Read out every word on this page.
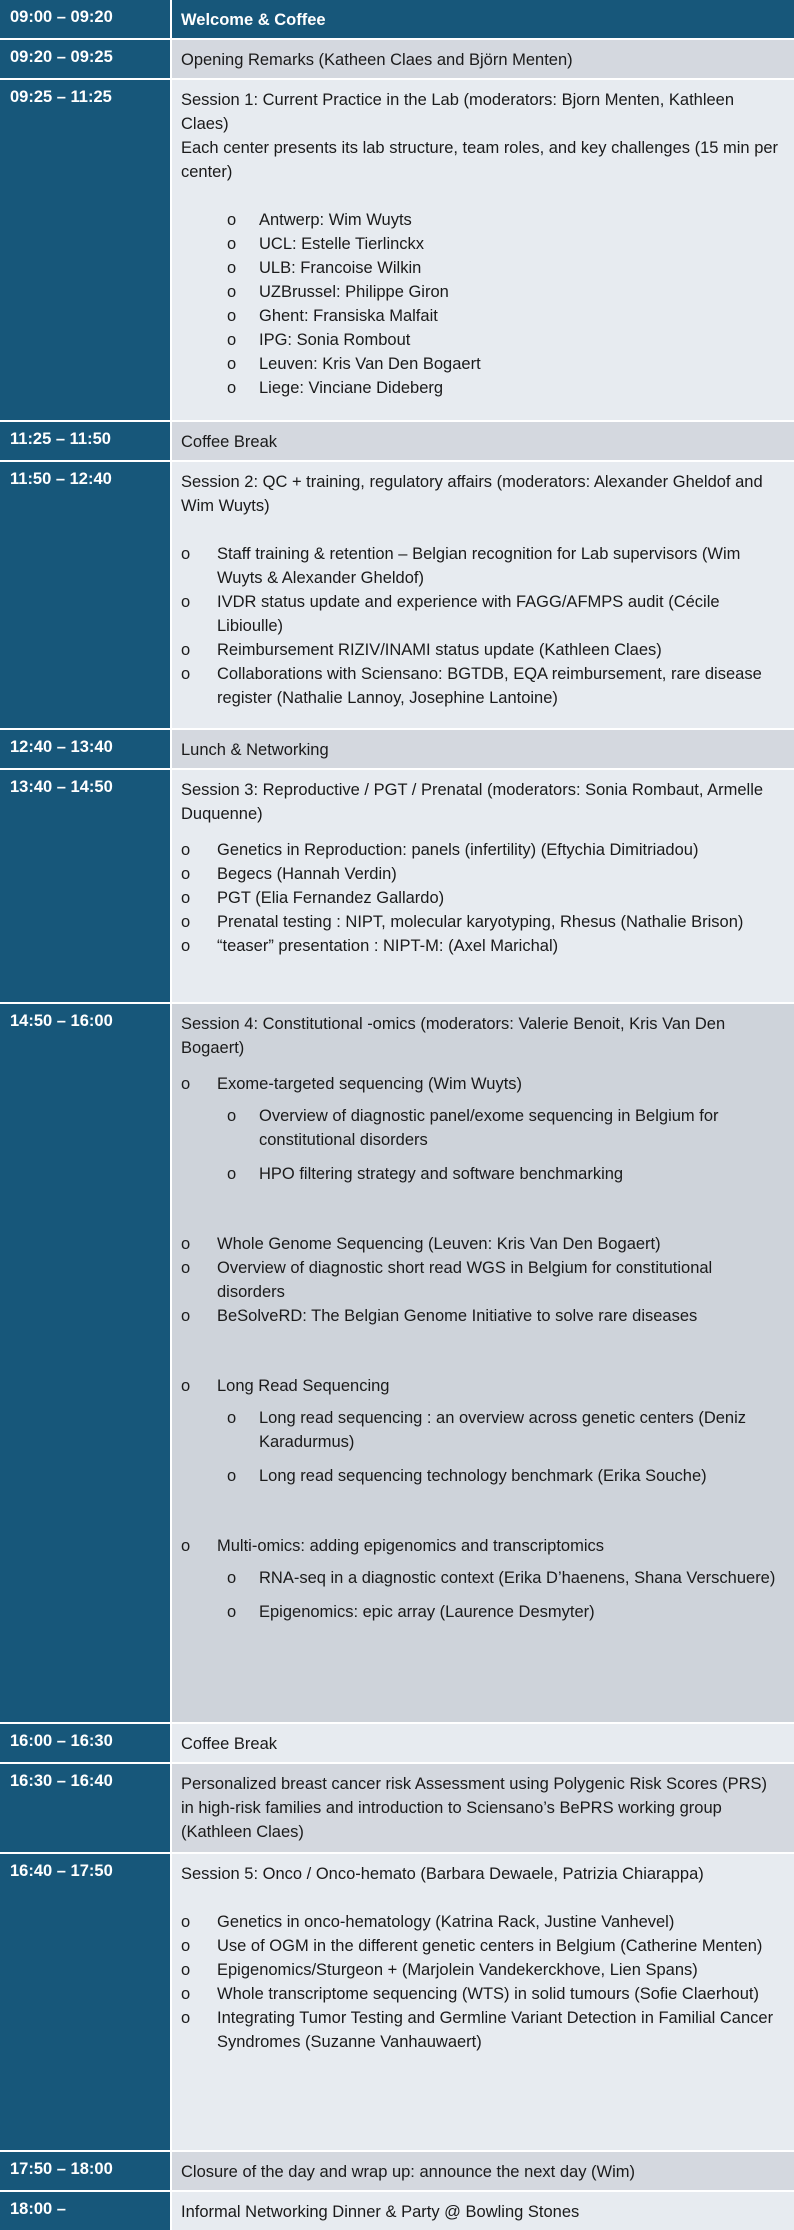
09:00 – 09:20	Welcome & Coffee
09:20 – 09:25	Opening Remarks (Katheen Claes and Björn Menten)
09:25 – 11:25	Session 1: Current Practice in the Lab (moderators: Bjorn Menten, Kathleen Claes)

Each center presents its lab structure, team roles, and key challenges (15 min per center)

o Antwerp: Wim Wuyts
o UCL: Estelle Tierlinckx
o ULB: Francoise Wilkin
o UZBrussel: Philippe Giron
o Ghent: Fransiska Malfait
o IPG: Sonia Rombout
o Leuven: Kris Van Den Bogaert
o Liege: Vinciane Dideberg
11:25 – 11:50	Coffee Break
11:50 – 12:40	Session 2: QC + training, regulatory affairs (moderators: Alexander Gheldof and Wim Wuyts)

o Staff training & retention – Belgian recognition for Lab supervisors (Wim Wuyts & Alexander Gheldof)
o IVDR status update and experience with FAGG/AFMPS audit (Cécile Libioulle)
o Reimbursement RIZIV/INAMI status update (Kathleen Claes)
o Collaborations with Sciensano: BGTDB, EQA reimbursement, rare disease register (Nathalie Lannoy, Josephine Lantoine)
12:40 – 13:40	Lunch & Networking
13:40 – 14:50	Session 3: Reproductive / PGT / Prenatal (moderators: Sonia Rombaut, Armelle Duquenne)

o Genetics in Reproduction: panels (infertility) (Eftychia Dimitriadou)
o Begecs (Hannah Verdin)
o PGT (Elia Fernandez Gallardo)
o Prenatal testing : NIPT, molecular karyotyping, Rhesus (Nathalie Brison)
o “teaser” presentation : NIPT-M: (Axel Marichal)
14:50 – 16:00	Session 4: Constitutional -omics (moderators: Valerie Benoit, Kris Van Den Bogaert)

o Exome-targeted sequencing (Wim Wuyts)
o Overview of diagnostic panel/exome sequencing in Belgium for constitutional disorders
o HPO filtering strategy and software benchmarking
o Whole Genome Sequencing (Leuven: Kris Van Den Bogaert)
o Overview of diagnostic short read WGS in Belgium for constitutional disorders
o BeSolveRD: The Belgian Genome Initiative to solve rare diseases
o Long Read Sequencing
o Long read sequencing : an overview across genetic centers (Deniz Karadurmus)
o Long read sequencing technology benchmark (Erika Souche)
o Multi-omics: adding epigenomics and transcriptomics
o RNA-seq in a diagnostic context (Erika D’haenens, Shana Verschuere)
o Epigenomics: epic array (Laurence Desmyter)
16:00 – 16:30	Coffee Break
16:30 – 16:40	Personalized breast cancer risk Assessment using Polygenic Risk Scores (PRS) in high-risk families and introduction to Sciensano’s BePRS working group (Kathleen Claes)
16:40 – 17:50	Session 5: Onco / Onco-hemato (Barbara Dewaele, Patrizia Chiarappa)

o Genetics in onco-hematology (Katrina Rack, Justine Vanhevel)
o Use of OGM in the different genetic centers in Belgium (Catherine Menten)
o Epigenomics/Sturgeon + (Marjolein Vandekerckhove, Lien Spans)
o Whole transcriptome sequencing (WTS) in solid tumours (Sofie Claerhout)
o Integrating Tumor Testing and Germline Variant Detection in Familial Cancer Syndromes (Suzanne Vanhauwaert)
17:50 – 18:00	Closure of the day and wrap up: announce the next day (Wim)
18:00 –	Informal Networking Dinner & Party @ Bowling Stones
